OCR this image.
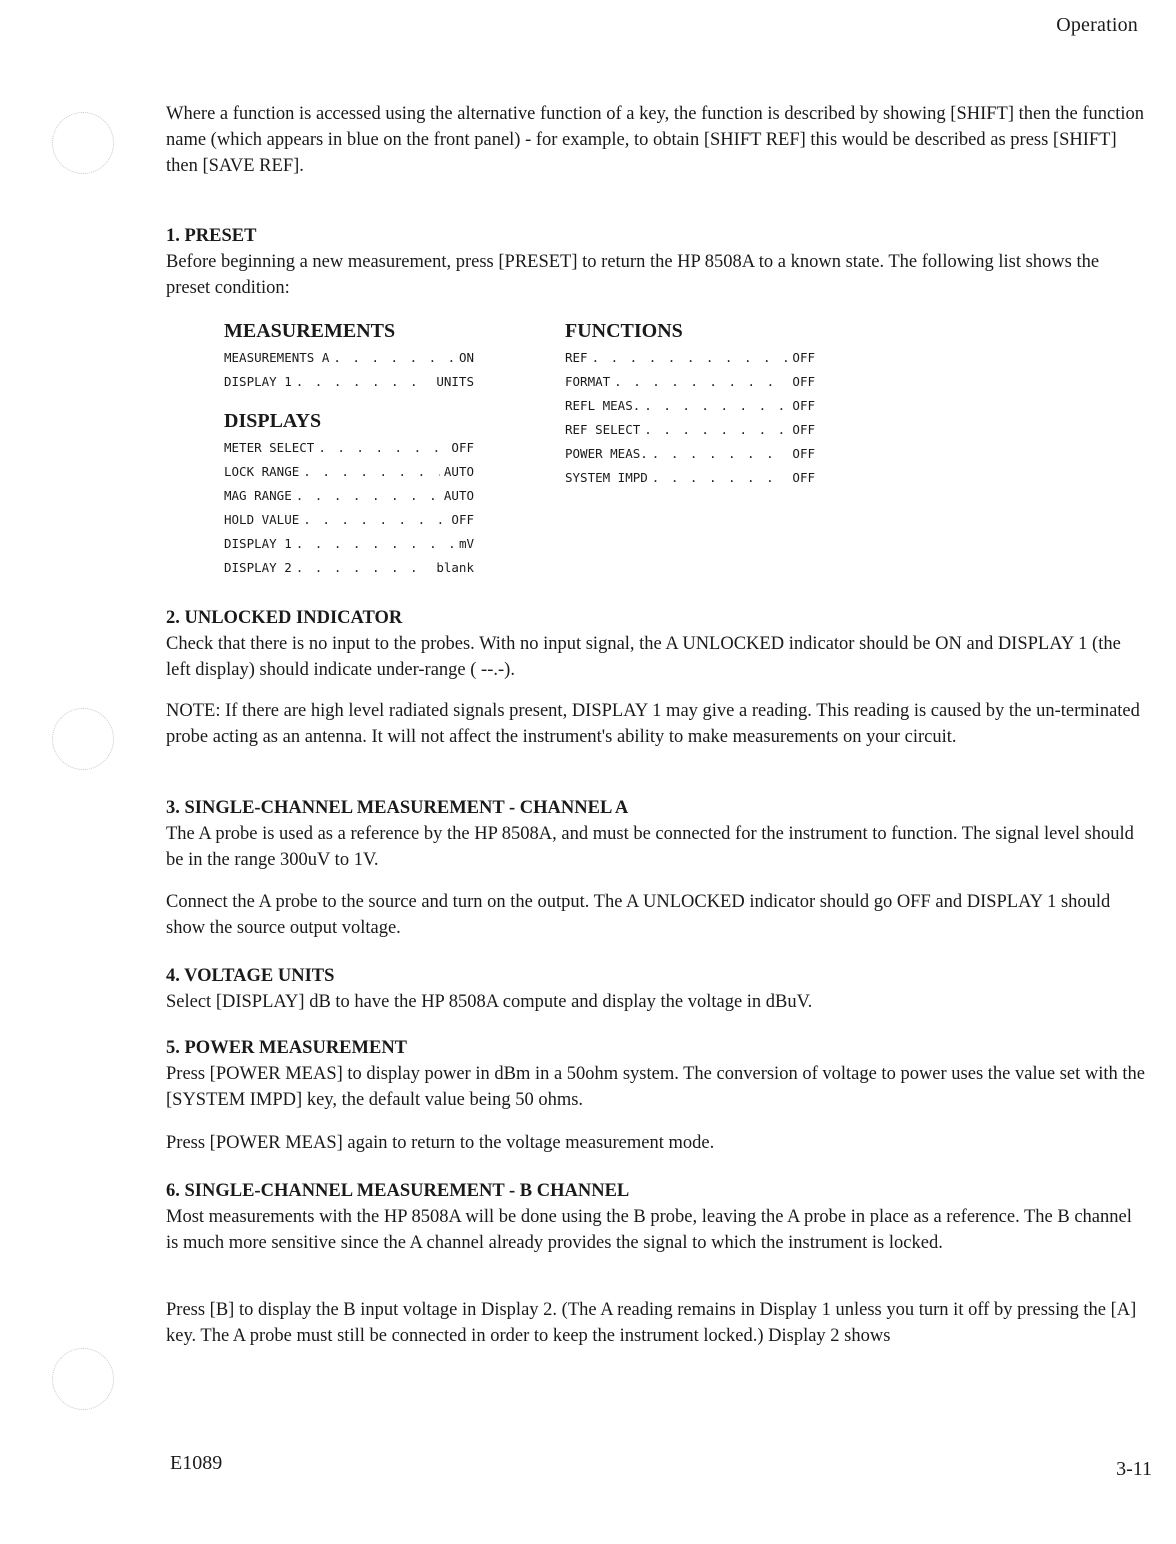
Operation

Where a function is accessed using the alternative function of a key, the function is described by showing [SHIFT] then the function name (which appears in blue on the front panel) - for example, to obtain [SHIFT REF] this would be described as press [SHIFT] then [SAVE REF].

1. PRESET

Before beginning a new measurement, press [PRESET] to return the HP 8508A to a known state. The following list shows the preset condition:

MEASUREMENTS
MEASUREMENTS A . . .	ON
DISPLAY 1 . . .	UNITS
DISPLAYS
METER SELECT . . .	OFF
LOCK RANGE . . .	AUTO
MAG RANGE . . .	AUTO
HOLD VALUE . . .	OFF
DISPLAY 1 . . .	mV
DISPLAY 2 . . .	blank
FUNCTIONS
REF . . .	OFF
FORMAT . . .	OFF
REFL MEAS. . . .	OFF
REF SELECT . . .	OFF
POWER MEAS. . . .	OFF
SYSTEM IMPD . . .	OFF

2. UNLOCKED INDICATOR

Check that there is no input to the probes. With no input signal, the A UNLOCKED indicator should be ON and DISPLAY 1 (the left display) should indicate under-range ( --.-).

NOTE: If there are high level radiated signals present, DISPLAY 1 may give a reading. This reading is caused by the un-terminated probe acting as an antenna. It will not affect the instrument's ability to make measurements on your circuit.

3. SINGLE-CHANNEL MEASUREMENT - CHANNEL A

The A probe is used as a reference by the HP 8508A, and must be connected for the instrument to function. The signal level should be in the range 300uV to 1V.

Connect the A probe to the source and turn on the output. The A UNLOCKED indicator should go OFF and DISPLAY 1 should show the source output voltage.

4. VOLTAGE UNITS

Select [DISPLAY] dB to have the HP 8508A compute and display the voltage in dBuV.

5. POWER MEASUREMENT

Press [POWER MEAS] to display power in dBm in a 50ohm system. The conversion of voltage to power uses the value set with the [SYSTEM IMPD] key, the default value being 50 ohms.

Press [POWER MEAS] again to return to the voltage measurement mode.

6. SINGLE-CHANNEL MEASUREMENT - B CHANNEL

Most measurements with the HP 8508A will be done using the B probe, leaving the A probe in place as a reference. The B channel is much more sensitive since the A channel already provides the signal to which the instrument is locked.

Press [B] to display the B input voltage in Display 2. (The A reading remains in Display 1 unless you turn it off by pressing the [A] key. The A probe must still be connected in order to keep the instrument locked.) Display 2 shows

E1089	3-11
